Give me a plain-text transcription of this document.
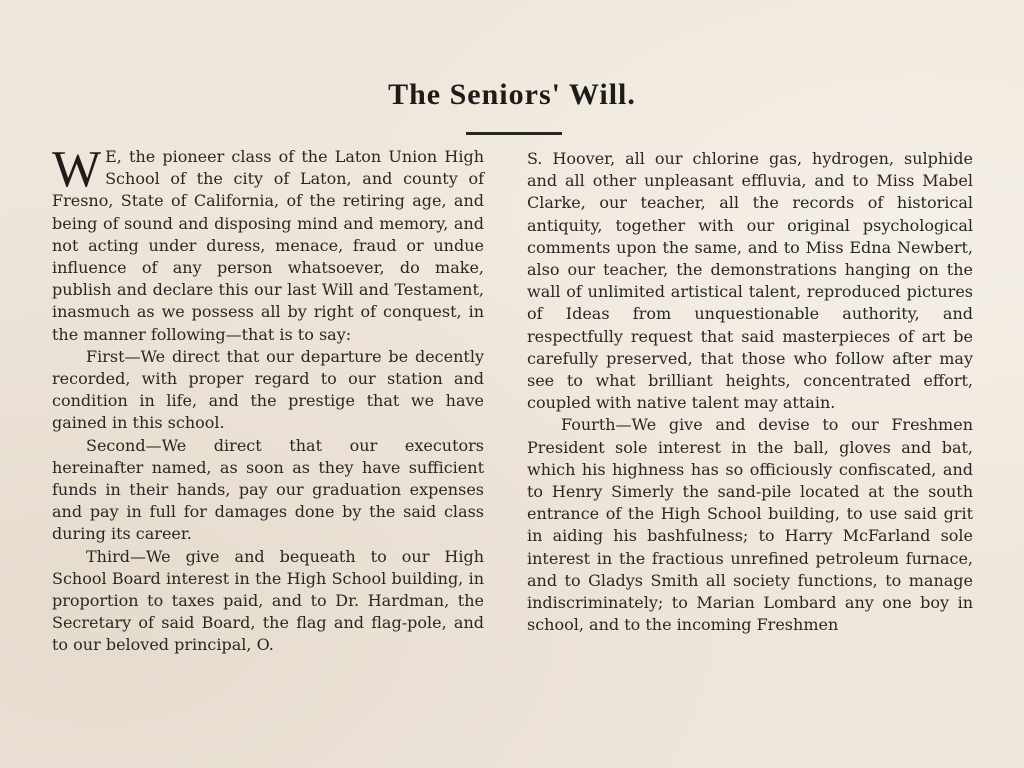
The Seniors' Will.

W E, the pioneer class of the Laton Union High School of the city of Laton, and county of Fresno, State of California, of the retiring age, and being of sound and disposing mind and memory, and not acting under duress, menace, fraud or undue influence of any person whatsoever, do make, publish and declare this our last Will and Testament, inasmuch as we possess all by right of conquest, in the manner following—that is to say:

First—We direct that our departure be decently recorded, with proper regard to our station and condition in life, and the prestige that we have gained in this school.

Second—We direct that our executors hereinafter named, as soon as they have sufficient funds in their hands, pay our graduation expenses and pay in full for damages done by the said class during its career.

Third—We give and bequeath to our High School Board interest in the High School building, in proportion to taxes paid, and to Dr. Hardman, the Secretary of said Board, the flag and flag-pole, and to our beloved principal, O.

S. Hoover, all our chlorine gas, hydrogen, sulphide and all other unpleasant effluvia, and to Miss Mabel Clarke, our teacher, all the records of historical antiquity, together with our original psychological comments upon the same, and to Miss Edna Newbert, also our teacher, the demonstrations hanging on the wall of unlimited artistical talent, reproduced pictures of Ideas from unquestionable authority, and respectfully request that said masterpieces of art be carefully preserved, that those who follow after may see to what brilliant heights, concentrated effort, coupled with native talent may attain.

Fourth—We give and devise to our Freshmen President sole interest in the ball, gloves and bat, which his highness has so officiously confiscated, and to Henry Simerly the sand-pile located at the south entrance of the High School building, to use said grit in aiding his bashfulness; to Harry McFarland sole interest in the fractious unrefined petroleum furnace, and to Gladys Smith all society functions, to manage indiscriminately; to Marian Lombard any one boy in school, and to the incoming Freshmen
